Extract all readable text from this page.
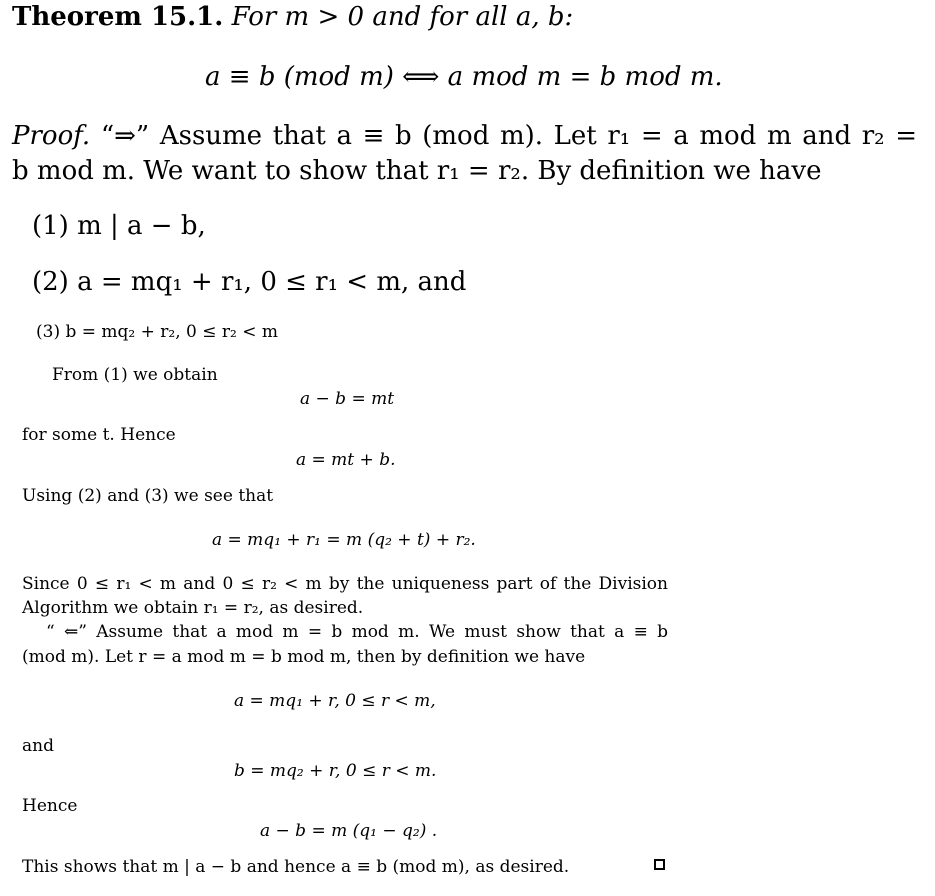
Theorem 15.1. For m > 0 and for all a, b:
a ≡ b (mod m) ⟺ a mod m = b mod m.
Proof. “⇒” Assume that a ≡ b (mod m). Let r₁ = a mod m and r₂ =
b mod m. We want to show that r₁ = r₂. By definition we have
(1) m | a − b,
(2) a = mq₁ + r₁, 0 ≤ r₁ < m, and
(3) b = mq₂ + r₂, 0 ≤ r₂ < m
From (1) we obtain
a − b = mt
for some t. Hence
a = mt + b.
Using (2) and (3) we see that
a = mq₁ + r₁ = m (q₂ + t) + r₂.
Since 0 ≤ r₁ < m and 0 ≤ r₂ < m by the uniqueness part of the Division
Algorithm we obtain r₁ = r₂, as desired.
“ ⇐” Assume that a mod m = b mod m. We must show that a ≡ b
(mod m). Let r = a mod m = b mod m, then by definition we have
a = mq₁ + r, 0 ≤ r < m,
and
b = mq₂ + r, 0 ≤ r < m.
Hence
a − b = m (q₁ − q₂) .
This shows that m | a − b and hence a ≡ b (mod m), as desired.
